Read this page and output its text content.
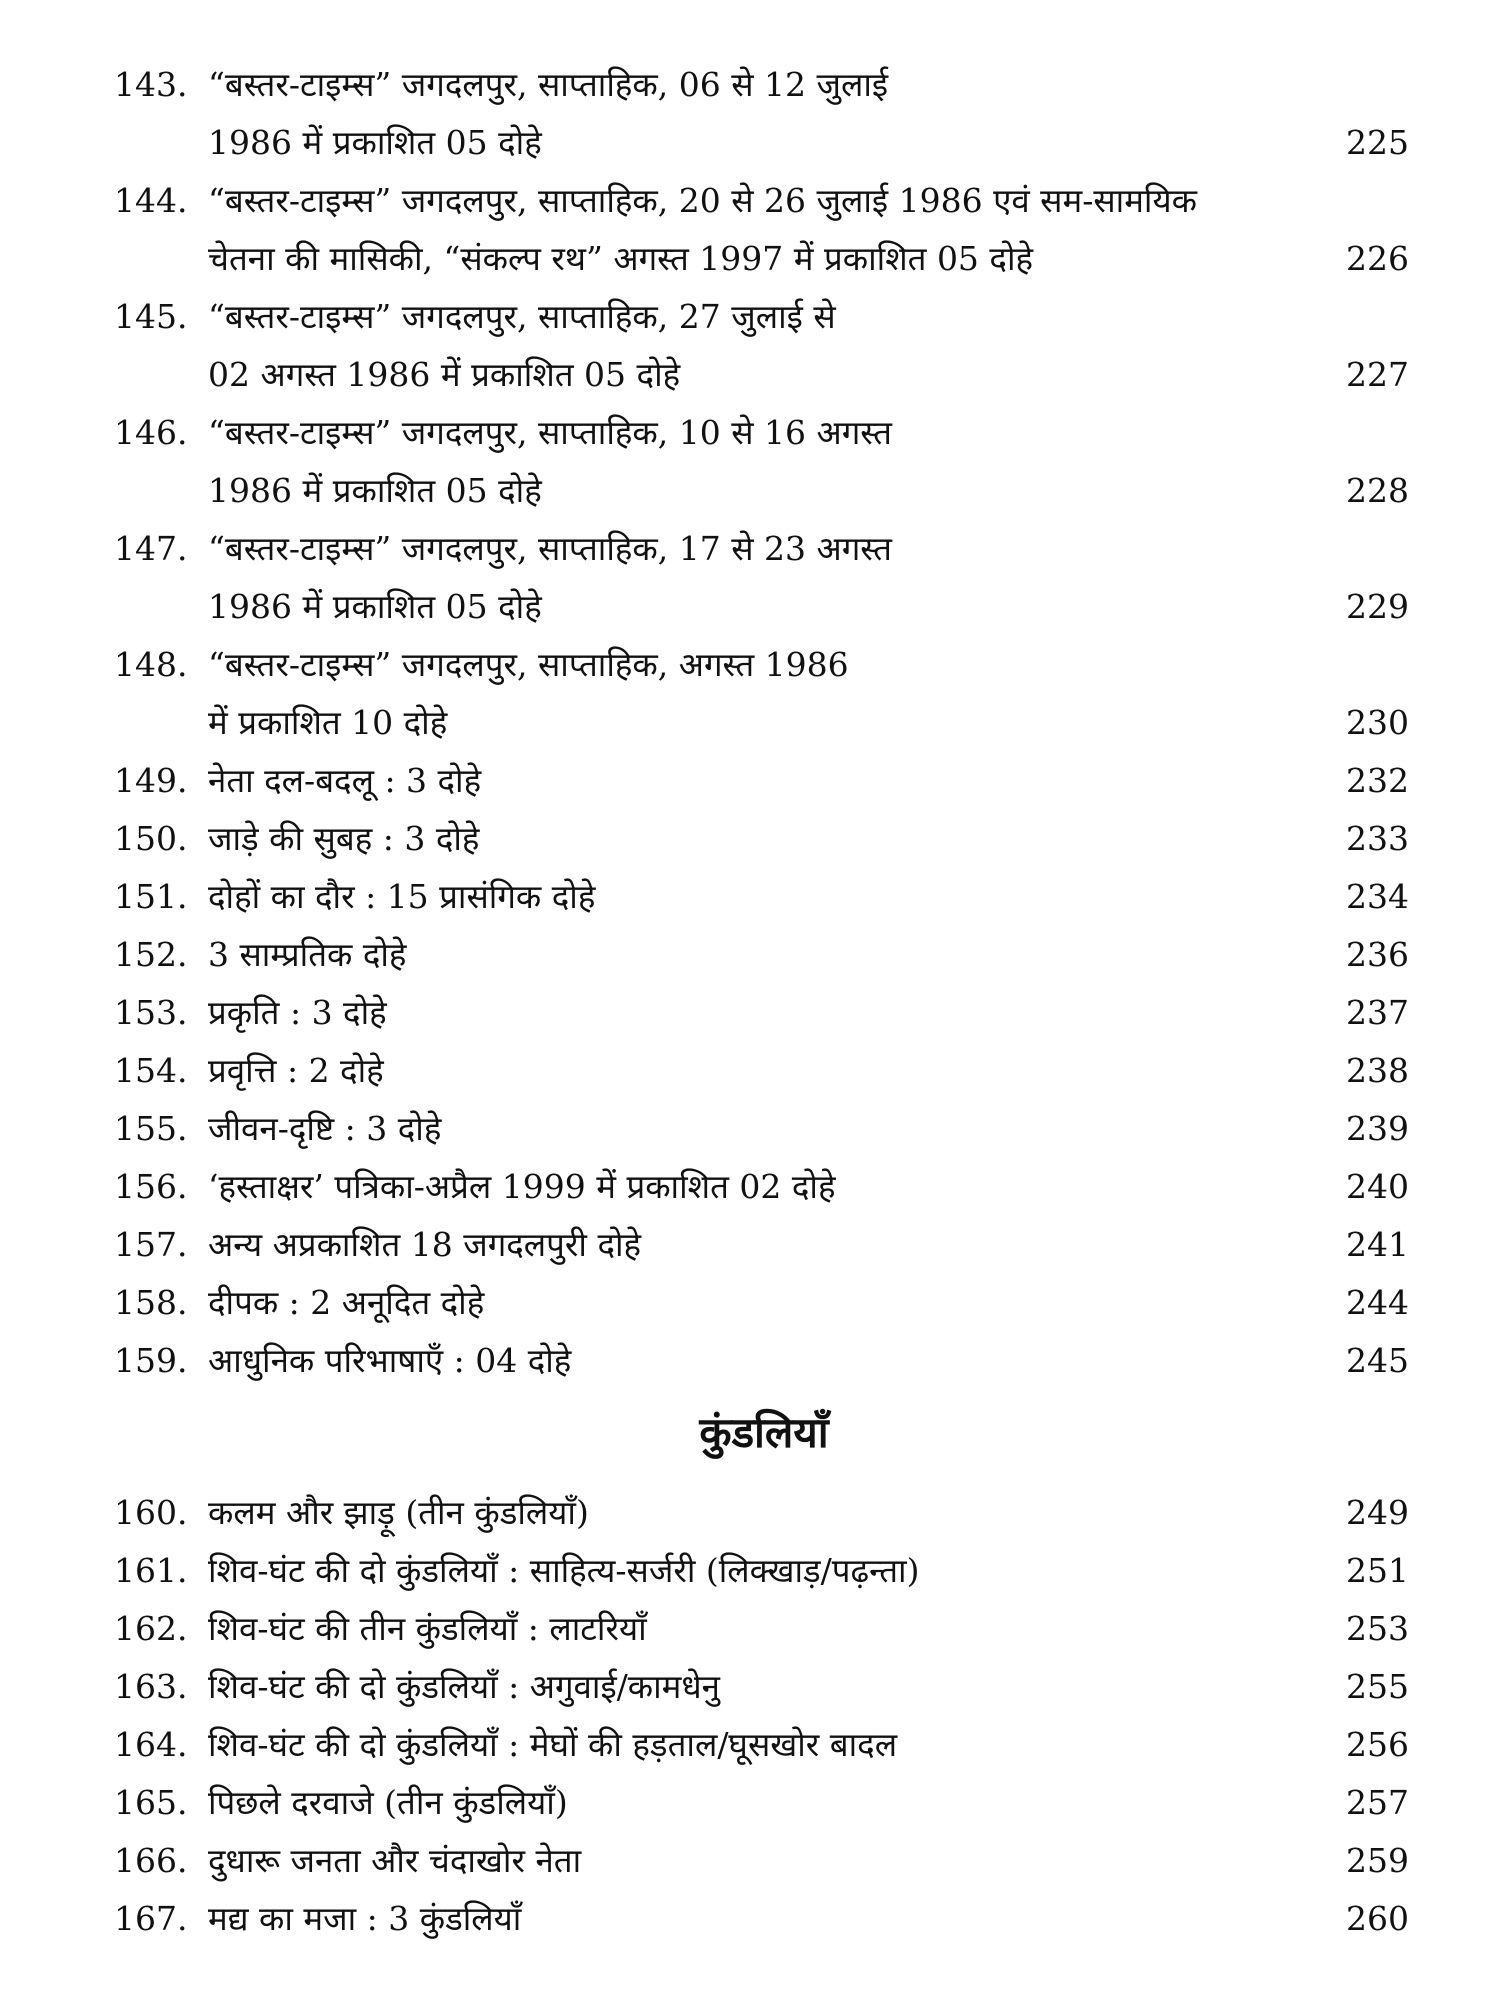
143. “बस्तर-टाइम्स” जगदलपुर, साप्ताहिक, 06 से 12 जुलाई
1986 में प्रकाशित 05 दोहे	225
144. “बस्तर-टाइम्स” जगदलपुर, साप्ताहिक, 20 से 26 जुलाई 1986 एवं सम-सामयिक
चेतना की मासिकी, “संकल्प रथ” अगस्त 1997 में प्रकाशित 05 दोहे	226
145. “बस्तर-टाइम्स” जगदलपुर, साप्ताहिक, 27 जुलाई से
02 अगस्त 1986 में प्रकाशित 05 दोहे	227
146. “बस्तर-टाइम्स” जगदलपुर, साप्ताहिक, 10 से 16 अगस्त
1986 में प्रकाशित 05 दोहे	228
147. “बस्तर-टाइम्स” जगदलपुर, साप्ताहिक, 17 से 23 अगस्त
1986 में प्रकाशित 05 दोहे	229
148. “बस्तर-टाइम्स” जगदलपुर, साप्ताहिक, अगस्त 1986
में प्रकाशित 10 दोहे	230
149. नेता दल-बदलू : 3 दोहे	232
150. जाड़े की सुबह : 3 दोहे	233
151. दोहों का दौर : 15 प्रासंगिक दोहे	234
152. 3 साम्प्रतिक दोहे	236
153. प्रकृति : 3 दोहे	237
154. प्रवृत्ति : 2 दोहे	238
155. जीवन-दृष्टि : 3 दोहे	239
156. ‘हस्ताक्षर’ पत्रिका-अप्रैल 1999 में प्रकाशित 02 दोहे	240
157. अन्य अप्रकाशित 18 जगदलपुरी दोहे	241
158. दीपक : 2 अनूदित दोहे	244
159. आधुनिक परिभाषाएँ : 04 दोहे	245
कुंडलियाँ
160. कलम और झाड़ू (तीन कुंडलियाँ)	249
161. शिव-घंट की दो कुंडलियाँ : साहित्य-सर्जरी (लिक्खाड़/पढ़न्ता)	251
162. शिव-घंट की तीन कुंडलियाँ : लाटरियाँ	253
163. शिव-घंट की दो कुंडलियाँ : अगुवाई/कामधेनु	255
164. शिव-घंट की दो कुंडलियाँ : मेघों की हड़ताल/घूसखोर बादल	256
165. पिछले दरवाजे (तीन कुंडलियाँ)	257
166. दुधारू जनता और चंदाखोर नेता	259
167. मद्य का मजा : 3 कुंडलियाँ	260
